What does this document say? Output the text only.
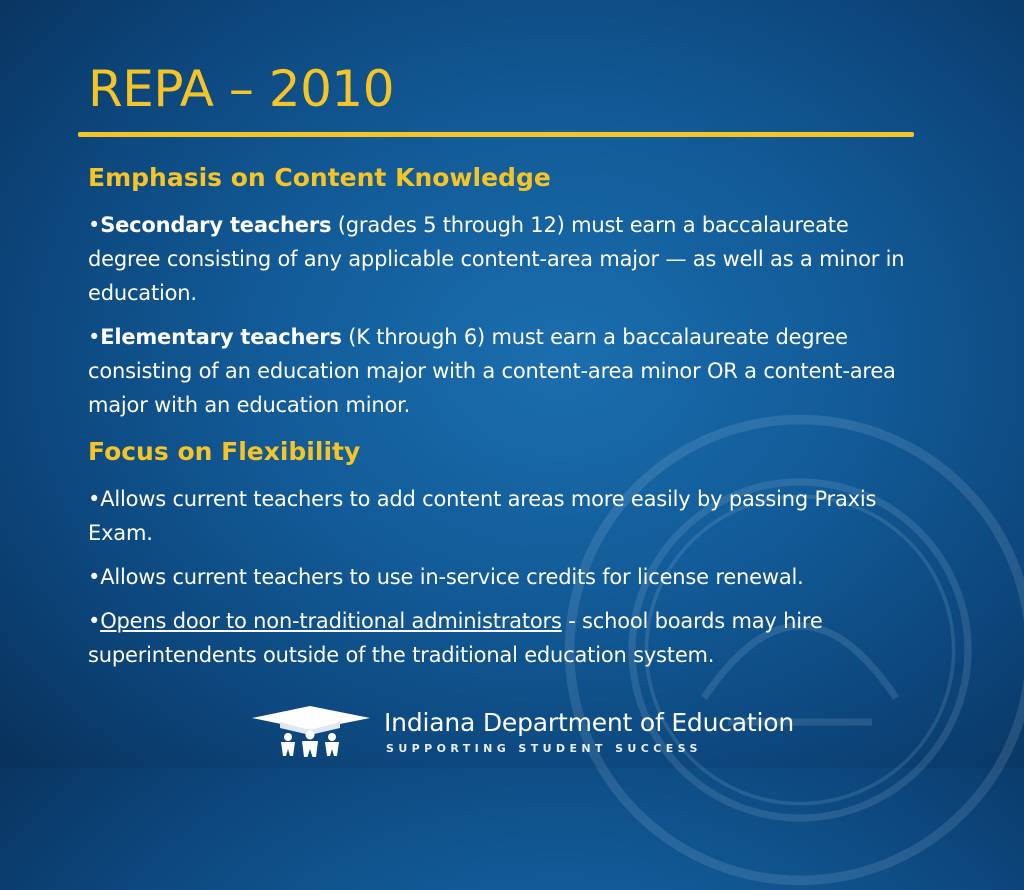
REPA – 2010
Emphasis on Content Knowledge

•Secondary teachers (grades 5 through 12) must earn a baccalaureate degree consisting of any applicable content-area major — as well as a minor in education.

•Elementary teachers (K through 6) must earn a baccalaureate degree consisting of an education major with a content-area minor OR a content-area major with an education minor.

Focus on Flexibility

•Allows current teachers to add content areas more easily by passing Praxis Exam.

•Allows current teachers to use in-service credits for license renewal.

•Opens door to non-traditional administrators - school boards may hire superintendents outside of the traditional education system.

Indiana Department of Education
SUPPORTING STUDENT SUCCESS
